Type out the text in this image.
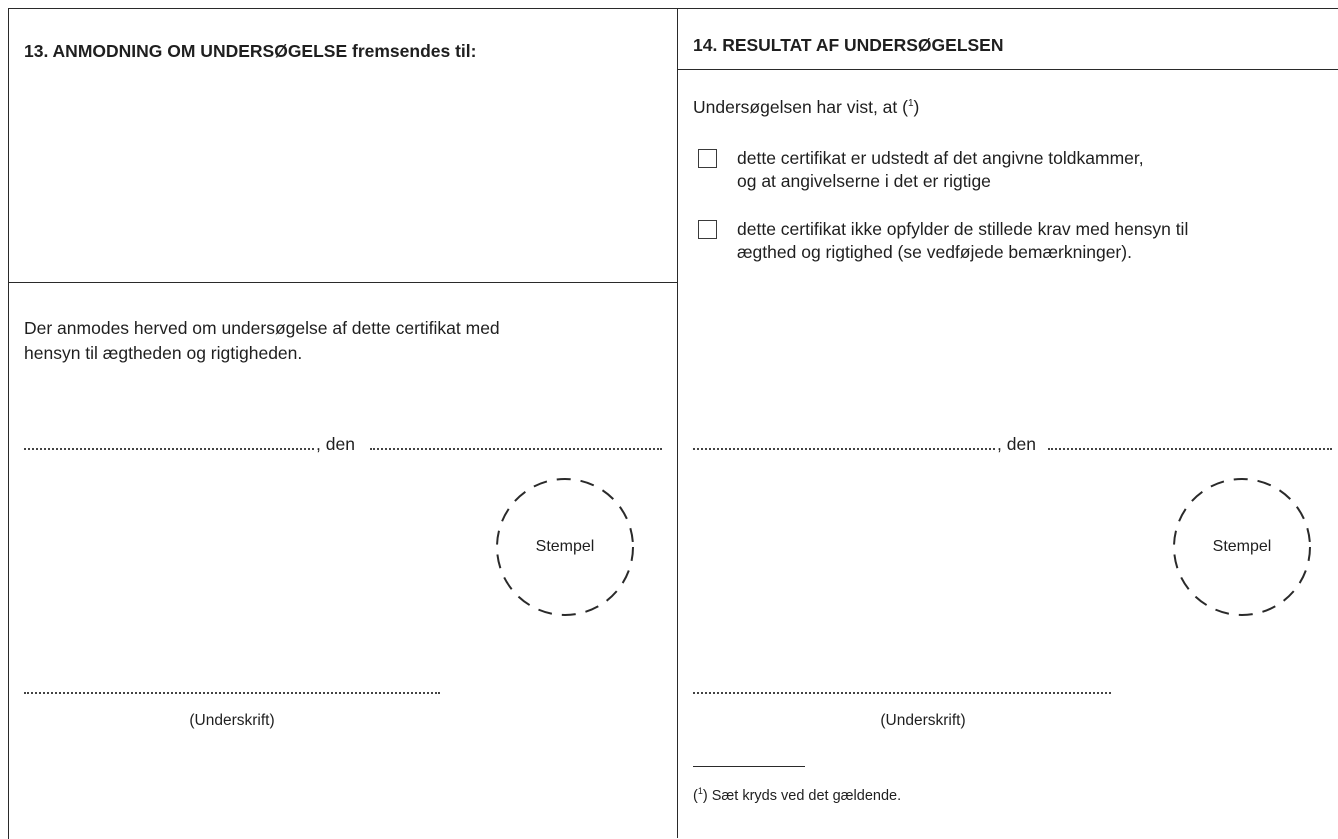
13. ANMODNING OM UNDERSØGELSE fremsendes til:
Der anmodes herved om undersøgelse af dette certifikat med
hensyn til ægtheden og rigtigheden.
, den
Stempel
(Underskrift)
14. RESULTAT AF UNDERSØGELSEN
Undersøgelsen har vist, at ($^1$)
dette certifikat er udstedt af det angivne toldkammer,
og at angivelserne i det er rigtige
dette certifikat ikke opfylder de stillede krav med hensyn til
ægthed og rigtighed (se vedføjede bemærkninger).
, den
Stempel
(Underskrift)
($^1$) Sæt kryds ved det gældende.
